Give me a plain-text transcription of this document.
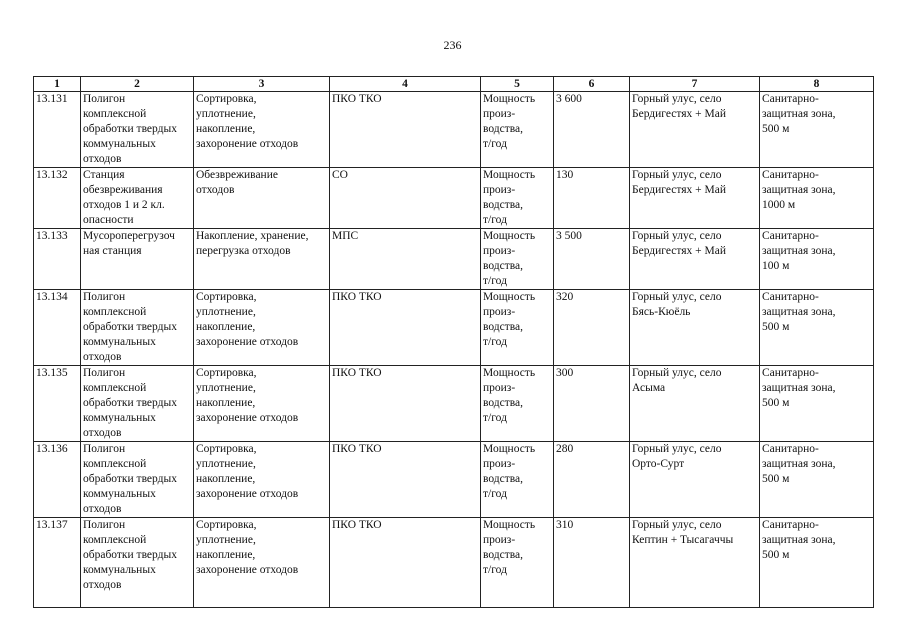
236
1	2	3	4	5	6	7	8
13.131	Полигон
комплексной
обработки твердых
коммунальных
отходов	Сортировка,
уплотнение,
накопление,
захоронение отходов	ПКО ТКО	Мощность
произ-
водства,
т/год	3 600	Горный улус, село
Бердигестях + Май	Санитарно-
защитная зона,
500 м
13.132	Станция
обезвреживания
отходов 1 и 2 кл.
опасности	Обезвреживание
отходов	СО	Мощность
произ-
водства,
т/год	130	Горный улус, село
Бердигестях + Май	Санитарно-
защитная зона,
1000 м
13.133	Мусороперегрузоч
ная станция	Накопление, хранение,
перегрузка отходов	МПС	Мощность
произ-
водства,
т/год	3 500	Горный улус, село
Бердигестях + Май	Санитарно-
защитная зона,
100 м
13.134	Полигон
комплексной
обработки твердых
коммунальных
отходов	Сортировка,
уплотнение,
накопление,
захоронение отходов	ПКО ТКО	Мощность
произ-
водства,
т/год	320	Горный улус, село
Бясь-Кюёль	Санитарно-
защитная зона,
500 м
13.135	Полигон
комплексной
обработки твердых
коммунальных
отходов	Сортировка,
уплотнение,
накопление,
захоронение отходов	ПКО ТКО	Мощность
произ-
водства,
т/год	300	Горный улус, село
Асыма	Санитарно-
защитная зона,
500 м
13.136	Полигон
комплексной
обработки твердых
коммунальных
отходов	Сортировка,
уплотнение,
накопление,
захоронение отходов	ПКО ТКО	Мощность
произ-
водства,
т/год	280	Горный улус, село
Орто-Сурт	Санитарно-
защитная зона,
500 м
13.137	Полигон
комплексной
обработки твердых
коммунальных
отходов	Сортировка,
уплотнение,
накопление,
захоронение отходов	ПКО ТКО	Мощность
произ-
водства,
т/год	310	Горный улус, село
Кептин + Тысагаччы	Санитарно-
защитная зона,
500 м
